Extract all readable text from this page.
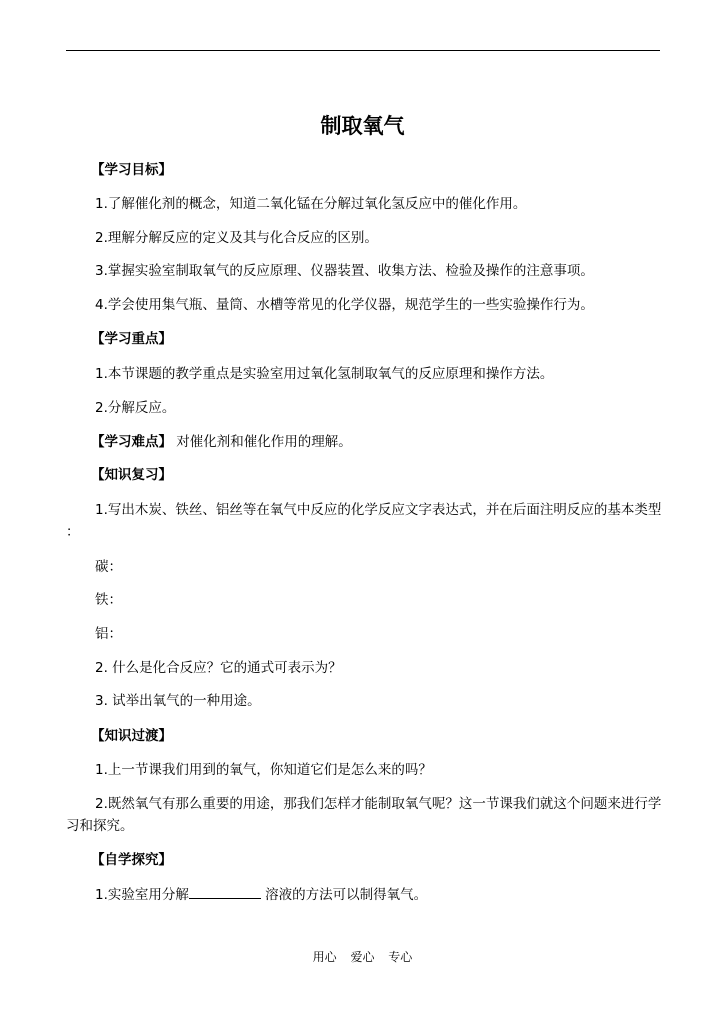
制取氧气
【学习目标】
1.了解催化剂的概念，知道二氧化锰在分解过氧化氢反应中的催化作用。
2.理解分解反应的定义及其与化合反应的区别。
3.掌握实验室制取氧气的反应原理、仪器装置、收集方法、检验及操作的注意事项。
4.学会使用集气瓶、量筒、水槽等常见的化学仪器，规范学生的一些实验操作行为。
【学习重点】
1.本节课题的教学重点是实验室用过氧化氢制取氧气的反应原理和操作方法。
2.分解反应。
【学习难点】 对催化剂和催化作用的理解。
【知识复习】

1.写出木炭、铁丝、铝丝等在氧气中反应的化学反应文字表达式，并在后面注明反应的基本类型 ：

碳：
铁：
铝：
2. 什么是化合反应？它的通式可表示为？
3. 试举出氧气的一种用途。
【知识过渡】
1.上一节课我们用到的氧气，你知道它们是怎么来的吗？

2.既然氧气有那么重要的用途，那我们怎样才能制取氧气呢？这一节课我们就这个问题来进行学习和探究。

【自学探究】
1.实验室用分解	溶液的方法可以制得氧气。
用心 爱心 专心
